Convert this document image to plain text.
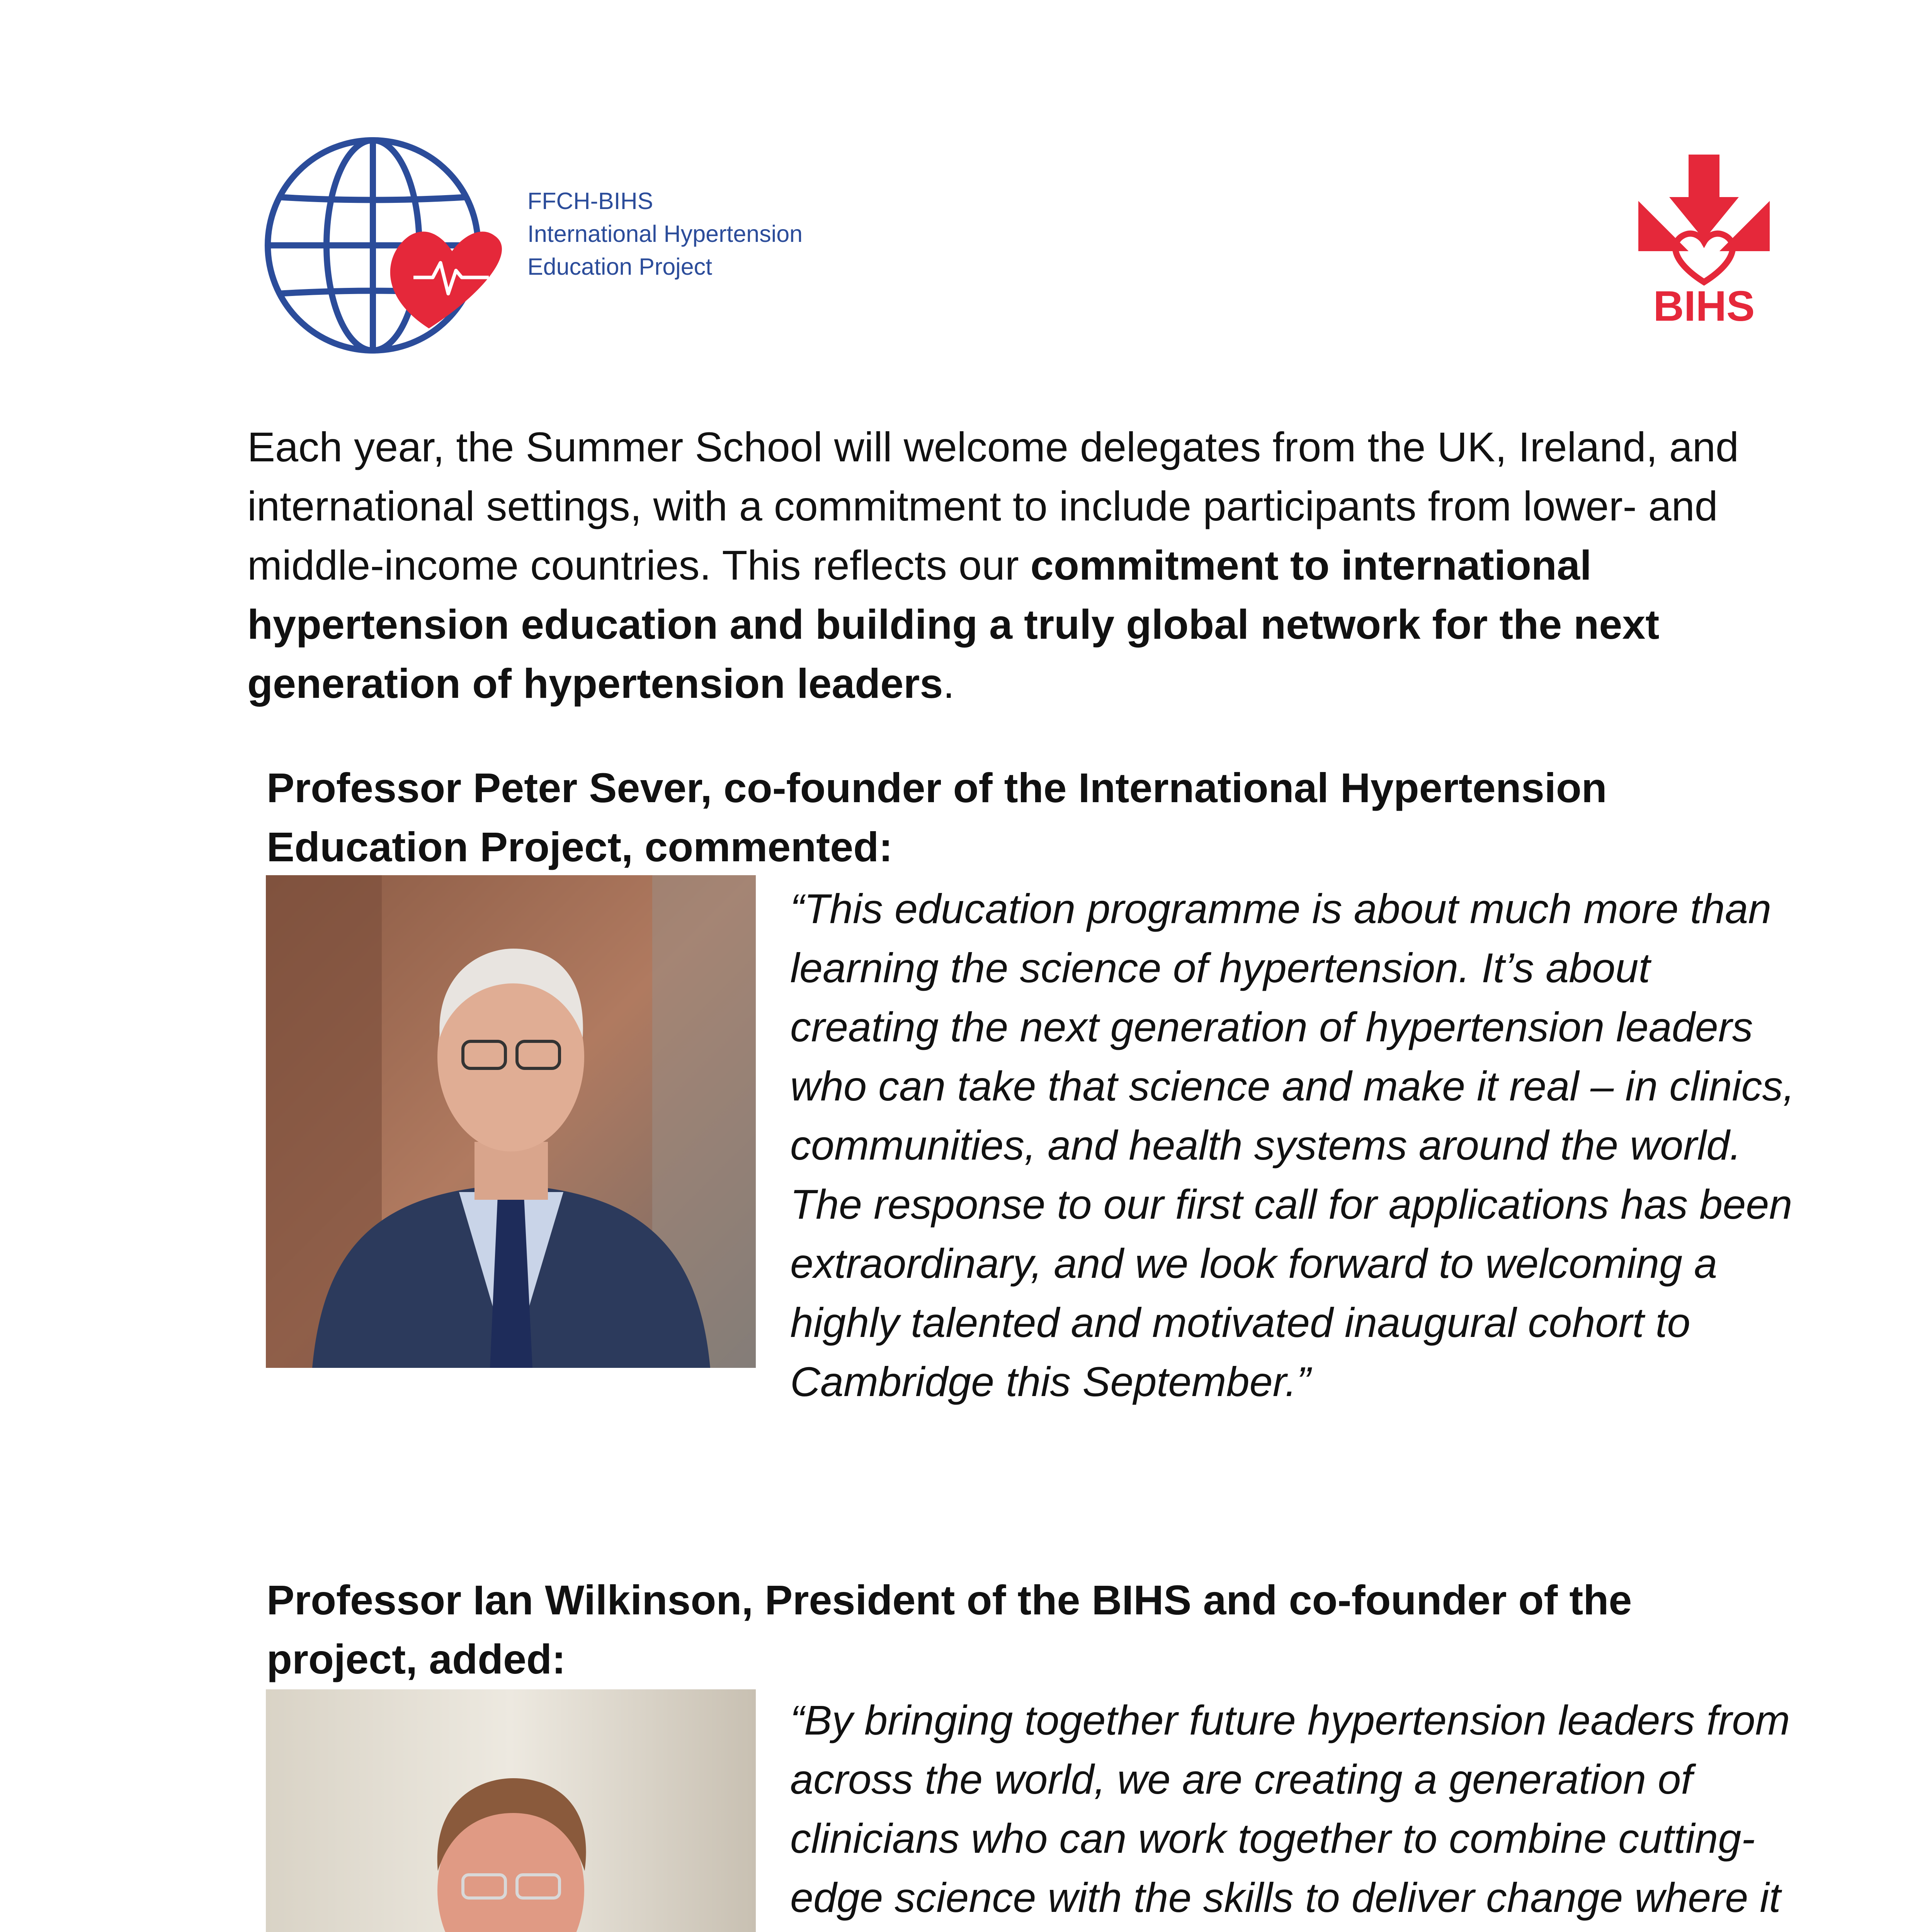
FFCH-BIHS
International Hypertension
Education Project
BIHS

Each year, the Summer School will welcome delegates from the UK, Ireland, and international settings, with a commitment to include participants from lower- and middle-income countries. This reflects our commitment to international hypertension education and building a truly global network for the next generation of hypertension leaders.

Professor Peter Sever, co-founder of the International Hypertension Education Project, commented:
“This education programme is about much more than learning the science of hypertension. It’s about creating the next generation of hypertension leaders who can take that science and make it real – in clinics, communities, and health systems around the world. The response to our first call for applications has been extraordinary, and we look forward to welcoming a highly talented and motivated inaugural cohort to Cambridge this September.”
Professor Ian Wilkinson, President of the BIHS and co-founder of the project, added:
“By bringing together future hypertension leaders from across the world, we are creating a generation of clinicians who can work together to combine cutting-edge science with the skills to deliver change where it
